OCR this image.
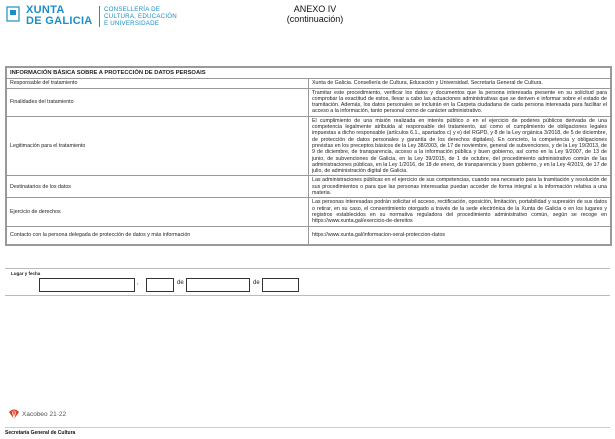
XUNTA
DE GALICIA
CONSELLERÍA DE
CULTURA, EDUCACIÓN
E UNIVERSIDADE
ANEXO IV
(continuación)
INFORMACIÓN BÁSICA SOBRE A PROTECCIÓN DE DATOS PERSOAIS	
Responsable del tratamiento	Xunta de Galicia. Consellería de Cultura, Educación y Universidad. Secretaría General de Cultura.
Finalidades del tratamiento	Tramitar este procedimiento, verificar los datos y documentos que la persona interesada presente en su solicitud para comprobar la exactitud de estos, llevar a cabo las actuaciones administrativas que se deriven e informar sobre el estado de tramitación. Además, los datos personales se incluirán en la Carpeta ciudadana de cada persona interesada para facilitar el acceso a la información, tanto personal como de carácter administrativo.
Legitimación para el tratamiento	El cumplimiento de una misión realizada en interés público o en el ejercicio de poderes públicos derivada de una competencia legalmente atribuida al responsable del tratamiento, así como el cumplimiento de obligaciones legales impuestas a dicho responsable (artículos 6.1., apartados c) y e) del RGPD, y 8 de la Ley orgánica 3/2018, de 5 de diciembre, de protección de datos personales y garantía de los derechos digitales). En concreto, la competencia y obligaciones previstas en los preceptos básicos de la Ley 38/2003, de 17 de noviembre, general de subvenciones, y de la Ley 19/2013, de 9 de diciembre, de transparencia, acceso a la información pública y buen gobierno, así como en la Ley 9/2007, de 13 de junio, de subvenciones de Galicia, en la Ley 39/2015, de 1 de octubre, del procedimiento administrativo común de las administraciones públicas, en la Ley 1/2016, de 18 de enero, de transparencia y buen gobierno, y en la Ley 4/2019, de 17 de julio, de administración digital de Galicia.
Destinatarios de los datos	Las administraciones públicas en el ejercicio de sus competencias, cuando sea necesario para la tramitación y resolución de sus procedimientos o para que las personas interesadas puedan acceder de forma integral a la información relativa a una materia.
Ejercicio de derechos	Las personas interesadas podrán solicitar el acceso, rectificación, oposición, limitación, portabilidad y supresión de sus datos o retirar, en su caso, el consentimiento otorgado a través de la sede electrónica de la Xunta de Galicia o en los lugares y registros establecidos en su normativa reguladora del procedimiento administrativo común, según se recoge en https://www.xunta.gal/exercicio-de-dereitos
Contacto con la persona delegada de protección de datos y más información	https://www.xunta.gal/informacion-xeral-proteccion-datos
Lugar y fecha
,	de	de
Xacobeo 21·22
Secretaría General de Cultura
